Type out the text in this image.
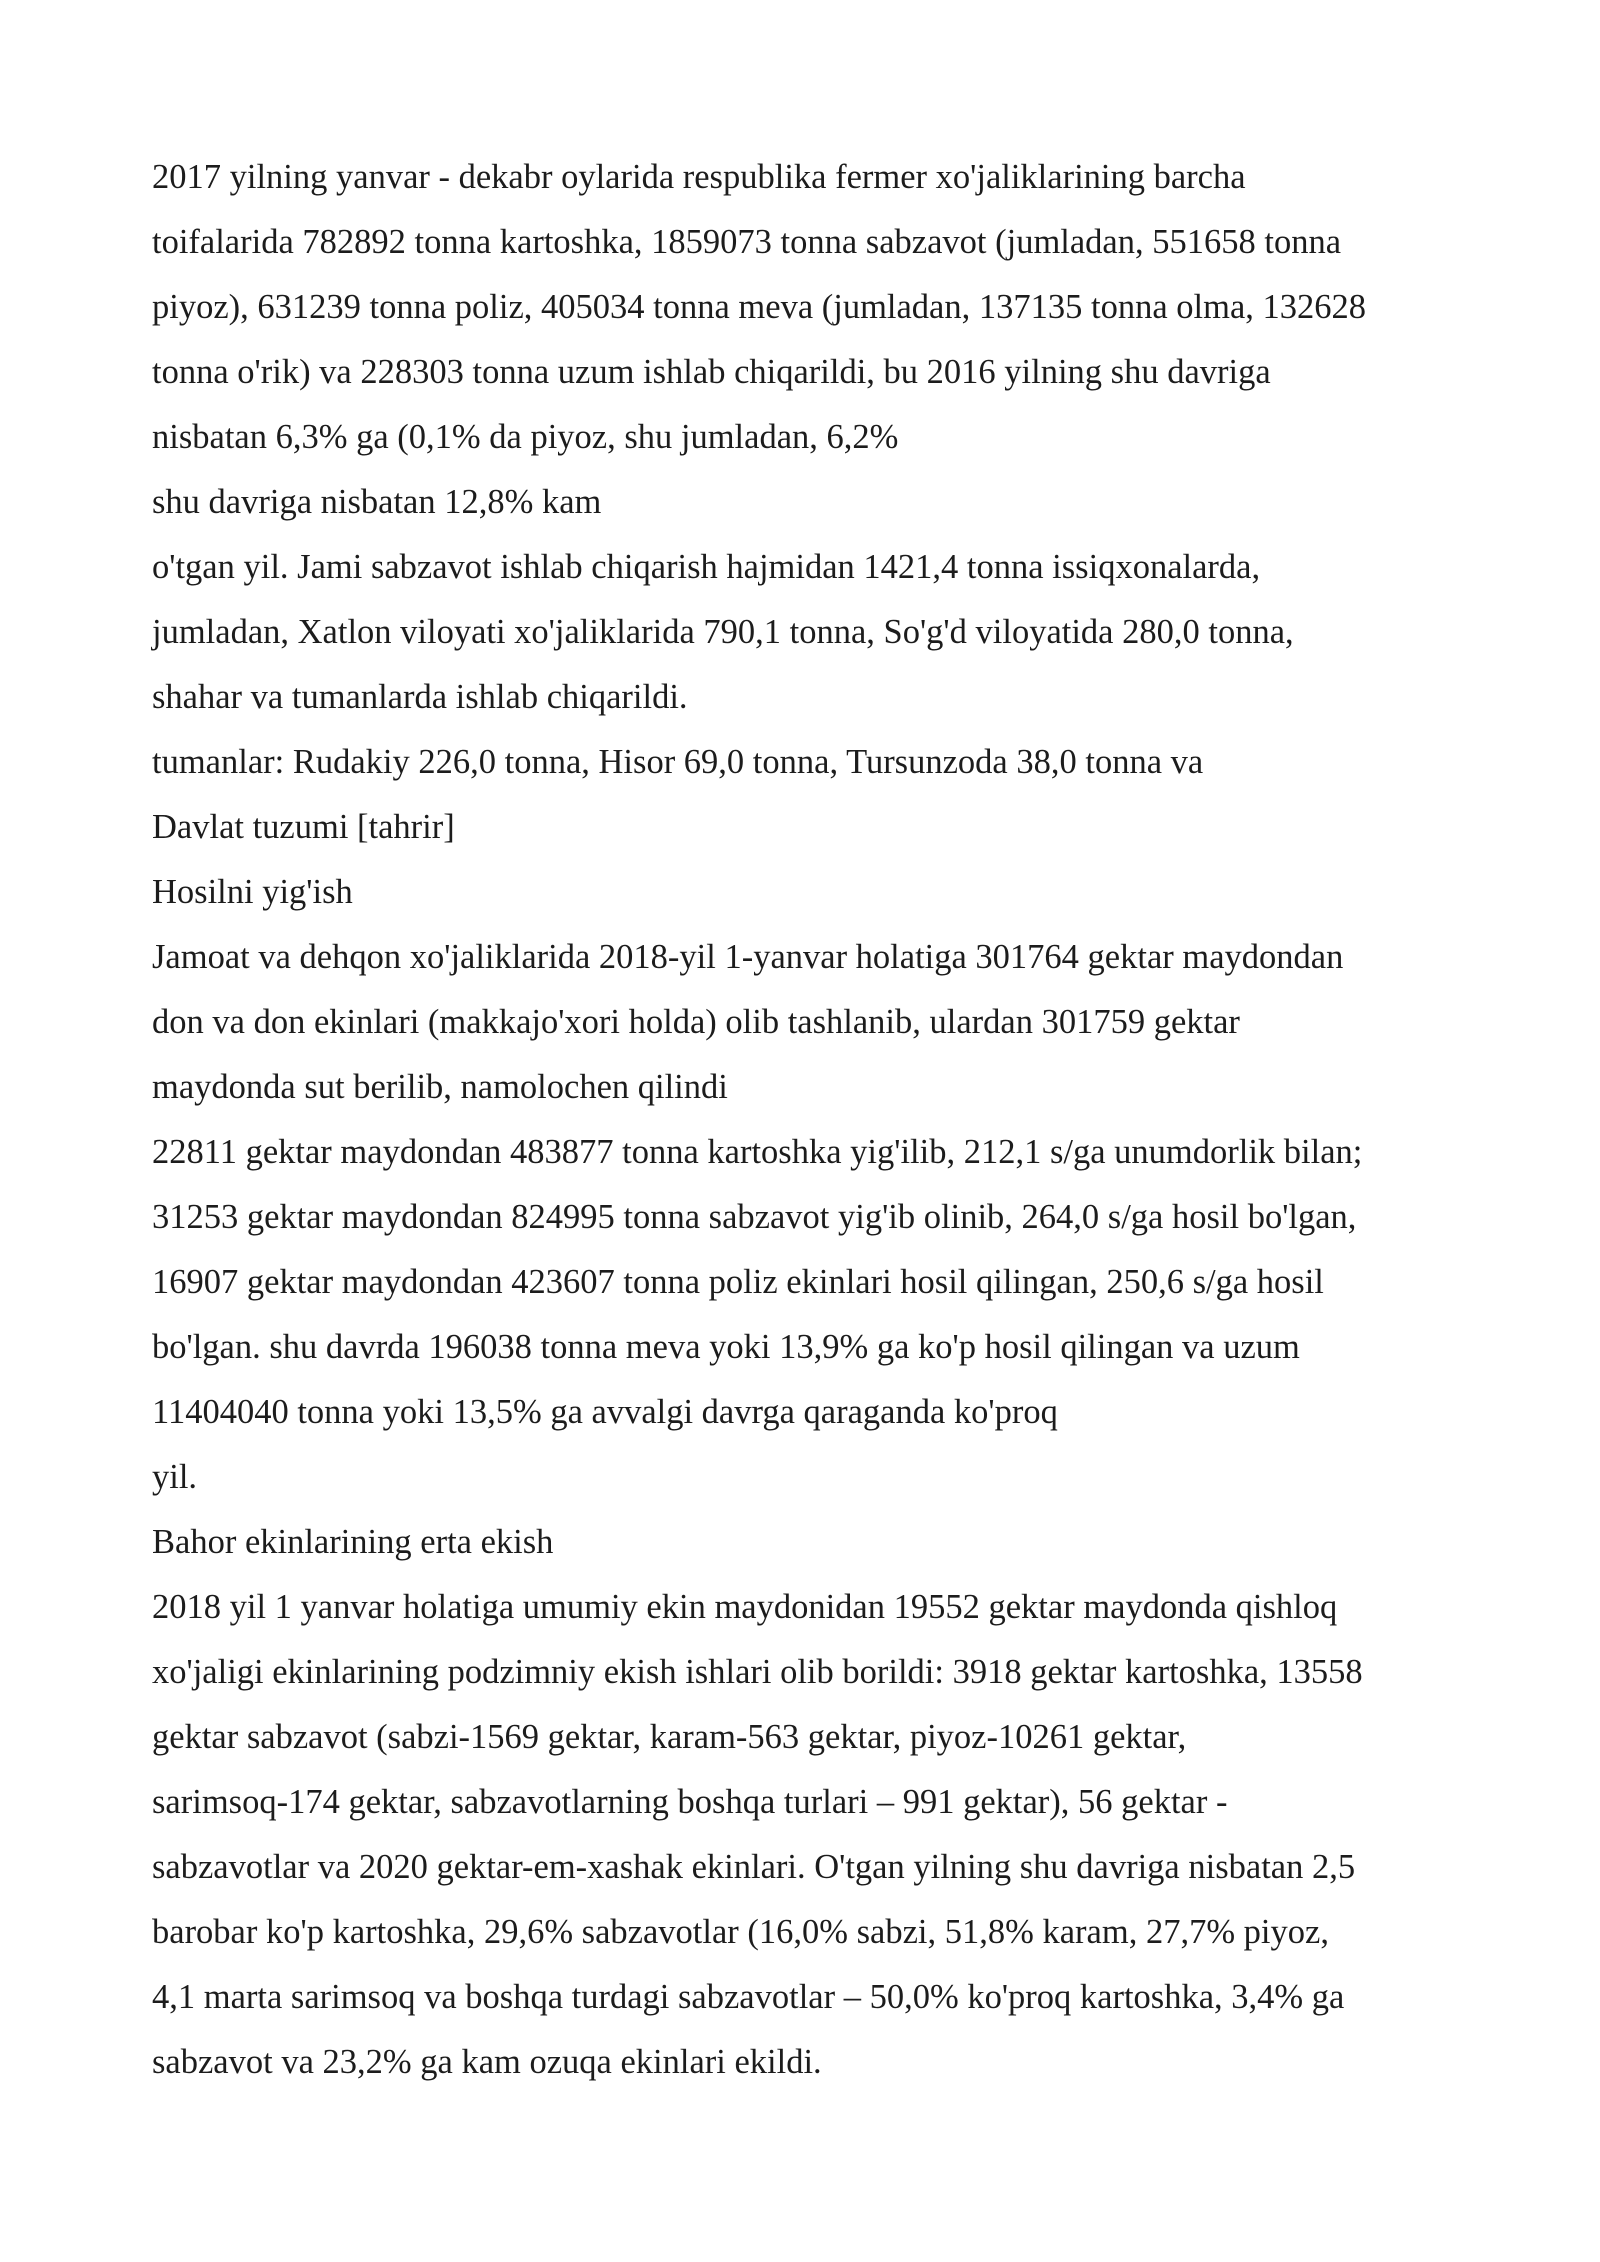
2017 yilning yanvar - dekabr oylarida respublika fermer xo'jaliklarining barcha
toifalarida 782892 tonna kartoshka, 1859073 tonna sabzavot (jumladan, 551658 tonna
piyoz), 631239 tonna poliz, 405034 tonna meva (jumladan, 137135 tonna olma, 132628
tonna o'rik) va 228303 tonna uzum ishlab chiqarildi, bu 2016 yilning shu davriga
nisbatan 6,3% ga (0,1% da piyoz, shu jumladan, 6,2%
shu davriga nisbatan 12,8% kam
o'tgan yil. Jami sabzavot ishlab chiqarish hajmidan 1421,4 tonna issiqxonalarda,
jumladan, Xatlon viloyati xo'jaliklarida 790,1 tonna, So'g'd viloyatida 280,0 tonna,
shahar va tumanlarda ishlab chiqarildi.
tumanlar: Rudakiy 226,0 tonna, Hisor 69,0 tonna, Tursunzoda 38,0 tonna va
Davlat tuzumi [tahrir]
Hosilni yig'ish
Jamoat va dehqon xo'jaliklarida 2018-yil 1-yanvar holatiga 301764 gektar maydondan
don va don ekinlari (makkajo'xori holda) olib tashlanib, ulardan 301759 gektar
maydonda sut berilib, namolochen qilindi
22811 gektar maydondan 483877 tonna kartoshka yig'ilib, 212,1 s/ga unumdorlik bilan;
31253 gektar maydondan 824995 tonna sabzavot yig'ib olinib, 264,0 s/ga hosil bo'lgan,
16907 gektar maydondan 423607 tonna poliz ekinlari hosil qilingan, 250,6 s/ga hosil
bo'lgan. shu davrda 196038 tonna meva yoki 13,9% ga ko'p hosil qilingan va uzum
11404040 tonna yoki 13,5% ga avvalgi davrga qaraganda ko'proq
yil.
Bahor ekinlarining erta ekish
2018 yil 1 yanvar holatiga umumiy ekin maydonidan 19552 gektar maydonda qishloq
xo'jaligi ekinlarining podzimniy ekish ishlari olib borildi: 3918 gektar kartoshka, 13558
gektar sabzavot (sabzi-1569 gektar, karam-563 gektar, piyoz-10261 gektar,
sarimsoq-174 gektar, sabzavotlarning boshqa turlari – 991 gektar), 56 gektar -
sabzavotlar va 2020 gektar-em-xashak ekinlari. O'tgan yilning shu davriga nisbatan 2,5
barobar ko'p kartoshka, 29,6% sabzavotlar (16,0% sabzi, 51,8% karam, 27,7% piyoz,
4,1 marta sarimsoq va boshqa turdagi sabzavotlar – 50,0% ko'proq kartoshka, 3,4% ga
sabzavot va 23,2% ga kam ozuqa ekinlari ekildi.
